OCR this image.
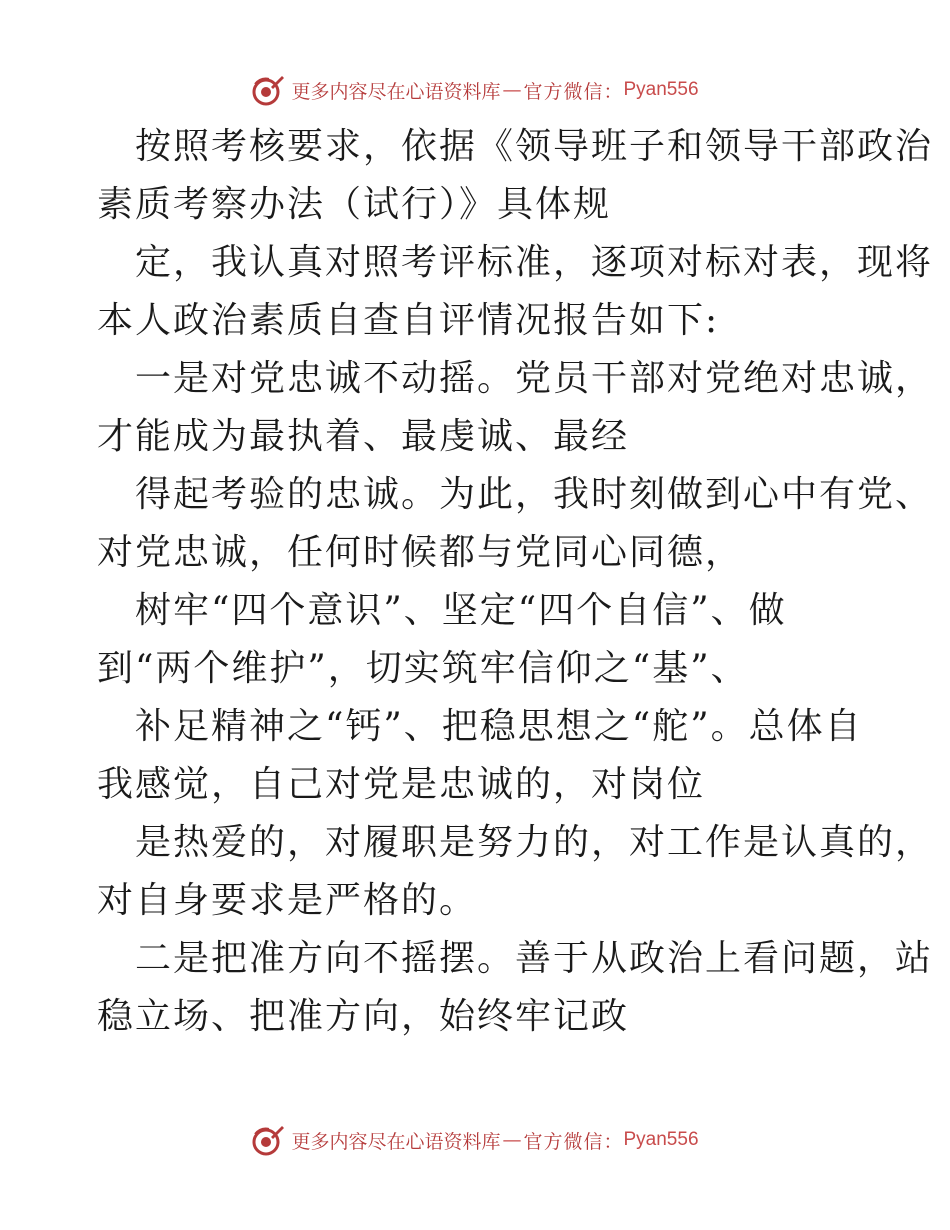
更多内容尽在心语资料库 — 官方微信： Pyan556
按照考核要求，依据《领导班子和领导干部政治
素质考察办法（试行）》具体规
定，我认真对照考评标准，逐项对标对表，现将
本人政治素质自查自评情况报告如下:
一是对党忠诚不动摇。党员干部对党绝对忠诚，
才能成为最执着、最虔诚、最经
得起考验的忠诚。为此，我时刻做到心中有党、
对党忠诚，任何时候都与党同心同德，
树牢“四个意识”、坚定“四个自信”、做
到“两个维护”，切实筑牢信仰之“基”、
补足精神之“钙”、把稳思想之“舵”。总体自
我感觉，自己对党是忠诚的，对岗位
是热爱的，对履职是努力的，对工作是认真的，
对自身要求是严格的。
二是把准方向不摇摆。善于从政治上看问题，站
稳立场、把准方向，始终牢记政
更多内容尽在心语资料库 — 官方微信： Pyan556
